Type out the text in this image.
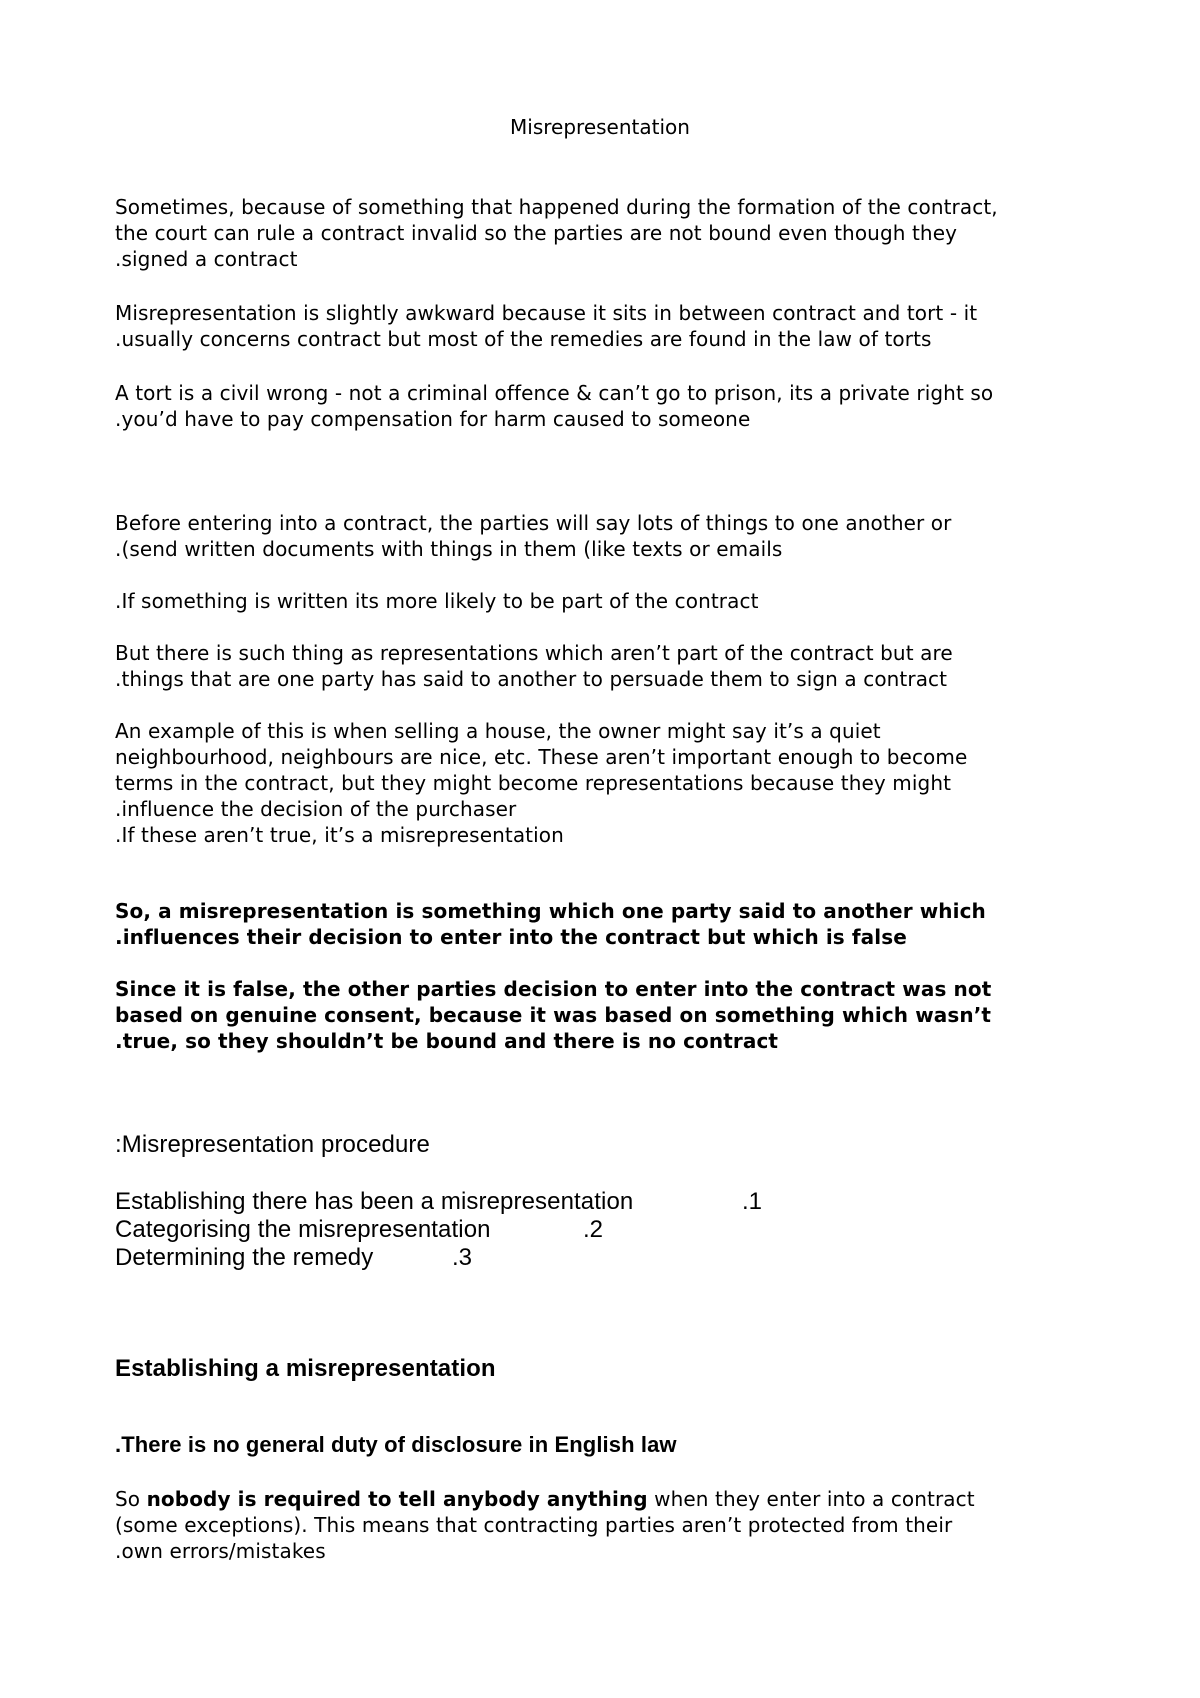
Misrepresentation
Sometimes, because of something that happened during the formation of the contract,
the court can rule a contract invalid so the parties are not bound even though they
.signed a contract
Misrepresentation is slightly awkward because it sits in between contract and tort - it
.usually concerns contract but most of the remedies are found in the law of torts
A tort is a civil wrong - not a criminal offence & can’t go to prison, its a private right so
.you’d have to pay compensation for harm caused to someone
Before entering into a contract, the parties will say lots of things to one another or
.(send written documents with things in them (like texts or emails
.If something is written its more likely to be part of the contract
But there is such thing as representations which aren’t part of the contract but are
.things that are one party has said to another to persuade them to sign a contract
An example of this is when selling a house, the owner might say it’s a quiet
neighbourhood, neighbours are nice, etc. These aren’t important enough to become
terms in the contract, but they might become representations because they might
.influence the decision of the purchaser
.If these aren’t true, it’s a misrepresentation
So, a misrepresentation is something which one party said to another which
.influences their decision to enter into the contract but which is false
Since it is false, the other parties decision to enter into the contract was not
based on genuine consent, because it was based on something which wasn’t
.true, so they shouldn’t be bound and there is no contract
:Misrepresentation procedure
Establishing there has been a misrepresentation	.1
Categorising the misrepresentation	.2
Determining the remedy	.3
Establishing a misrepresentation
.There is no general duty of disclosure in English law
So nobody is required to tell anybody anything when they enter into a contract
(some exceptions). This means that contracting parties aren’t protected from their
.own errors/mistakes
